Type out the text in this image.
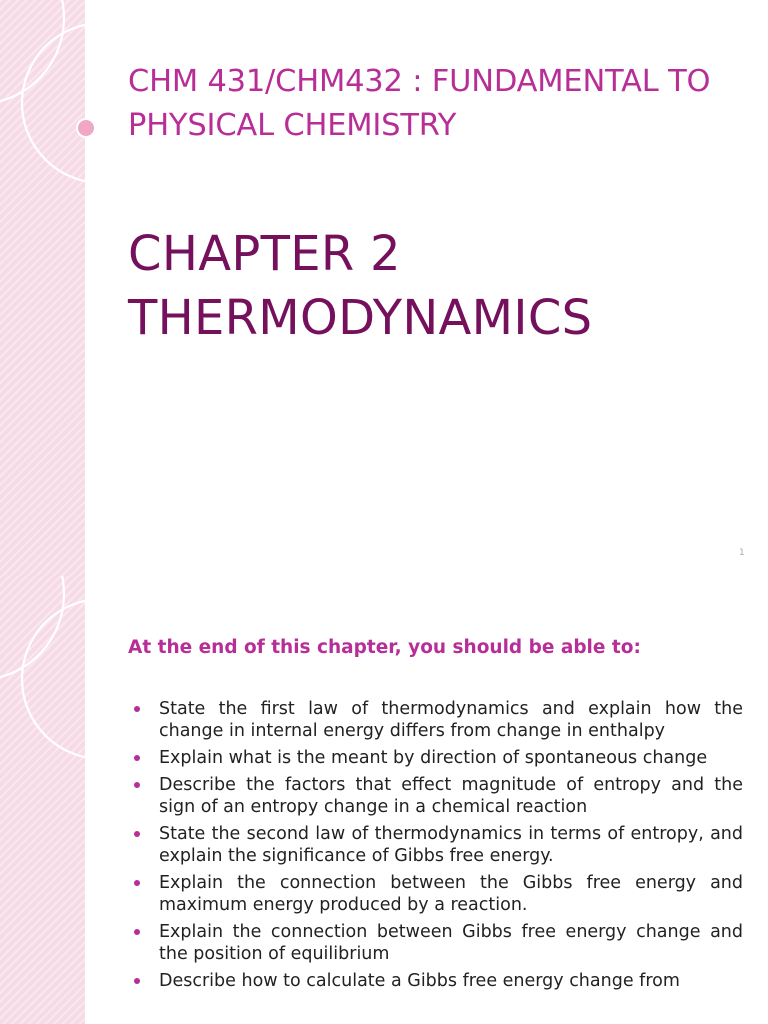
CHM 431/CHM432 : FUNDAMENTAL TO PHYSICAL CHEMISTRY
CHAPTER 2 THERMODYNAMICS
1
At the end of this chapter, you should be able to:
State the first law of thermodynamics and explain how the change in internal energy differs from change in enthalpy
Explain what is the meant by direction of spontaneous change
Describe the factors that effect magnitude of entropy and the sign of an entropy change in a chemical reaction
State the second law of thermodynamics in terms of entropy, and explain the significance of Gibbs free energy.
Explain the connection between the Gibbs free energy and maximum energy produced by a reaction.
Explain the connection between Gibbs free energy change and the position of equilibrium
Describe how to calculate a Gibbs free energy change from
